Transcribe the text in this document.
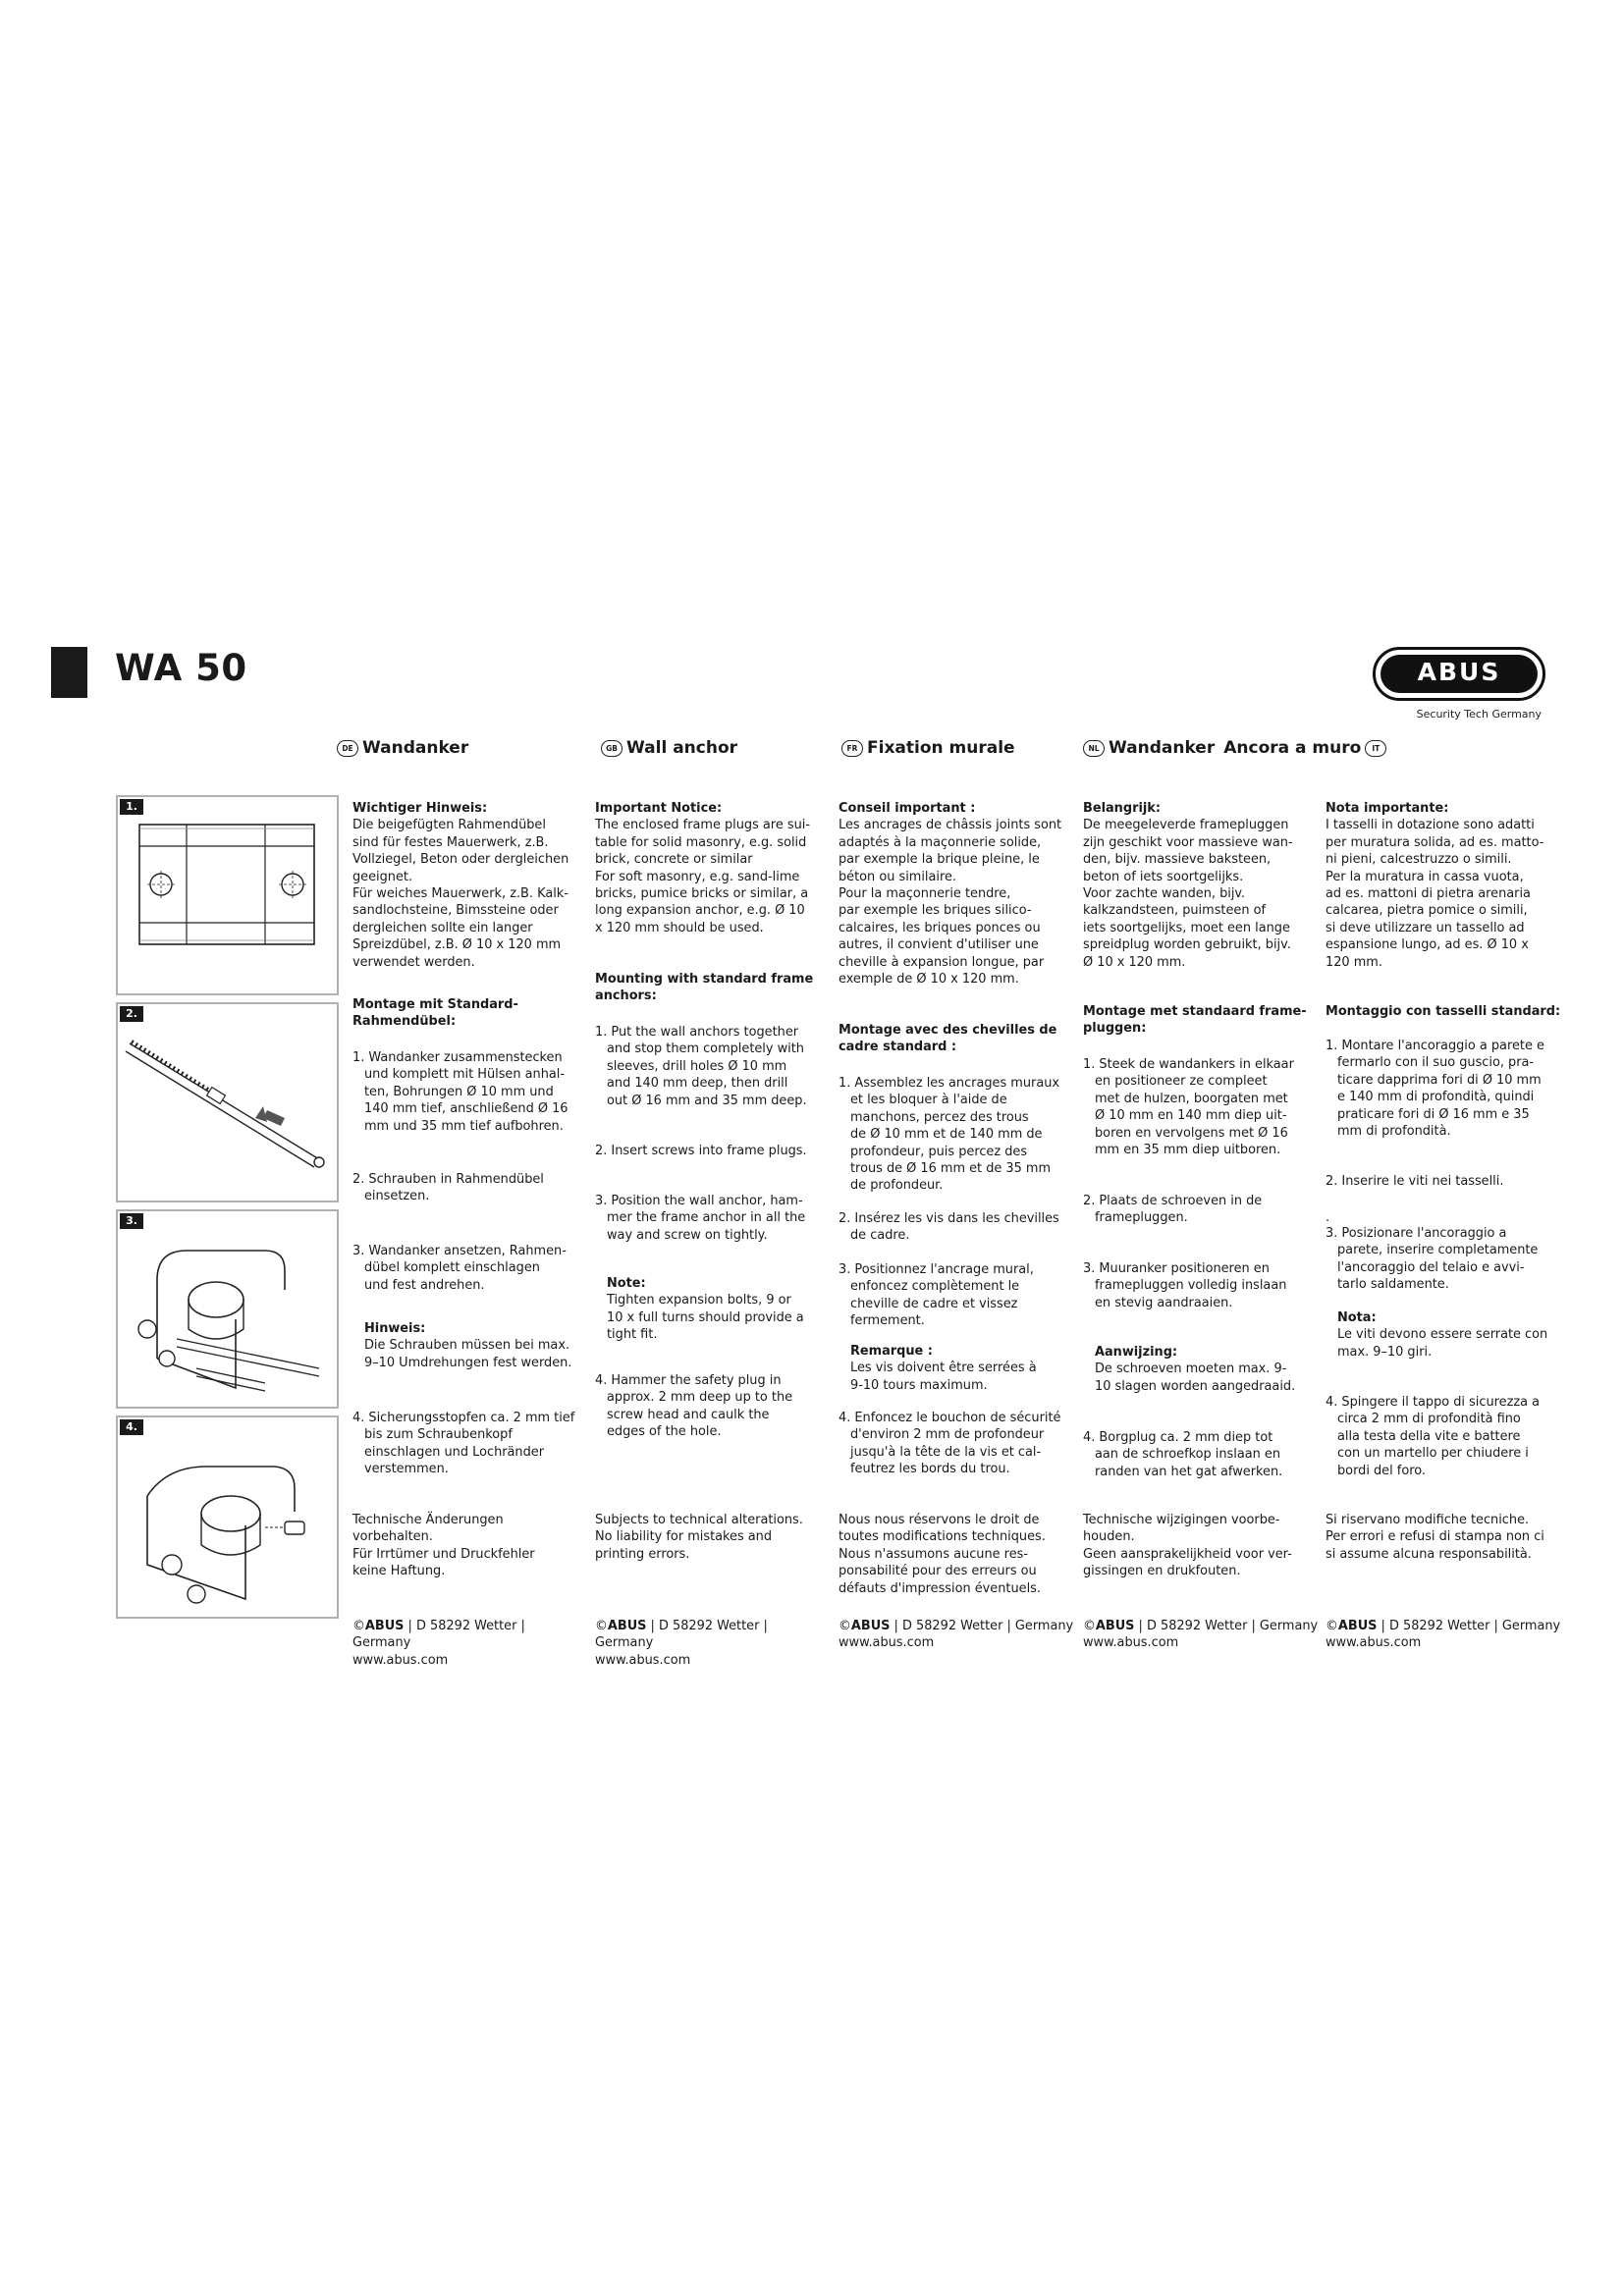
WA 50	ABUS
Security Tech Germany
DE Wandanker	GB Wall anchor	FR Fixation murale	NL Wandanker Ancora a muro	IT
1.
2.
3.
4.

Wichtiger Hinweis:

Die beigefügten Rahmendübel

sind für festes Mauerwerk, z.B.

Vollziegel, Beton oder dergleichen

geeignet.

Für weiches Mauerwerk, z.B. Kalk-

sandlochsteine, Bimssteine oder

dergleichen sollte ein langer

Spreizdübel, z.B. Ø 10 x 120 mm

verwendet werden.

Montage mit Standard-

Rahmendübel:

1. Wandanker zusammenstecken

und komplett mit Hülsen anhal-

ten, Bohrungen Ø 10 mm und

140 mm tief, anschließend Ø 16

mm und 35 mm tief aufbohren.

2. Schrauben in Rahmendübel

einsetzen.

3. Wandanker ansetzen, Rahmen-

dübel komplett einschlagen

und fest andrehen.

Hinweis:

Die Schrauben müssen bei max.

9–10 Umdrehungen fest werden.

4. Sicherungsstopfen ca. 2 mm tief

bis zum Schraubenkopf

einschlagen und Lochränder

verstemmen.

Technische Änderungen

vorbehalten.

Für Irrtümer und Druckfehler

keine Haftung.

©ABUS | D 58292 Wetter | Germany

www.abus.com

Important Notice:

The enclosed frame plugs are sui-

table for solid masonry, e.g. solid

brick, concrete or similar

For soft masonry, e.g. sand-lime

bricks, pumice bricks or similar, a

long expansion anchor, e.g. Ø 10

x 120 mm should be used.

Mounting with standard frame

anchors:

1. Put the wall anchors together

and stop them completely with

sleeves, drill holes Ø 10 mm

and 140 mm deep, then drill

out Ø 16 mm and 35 mm deep.

2. Insert screws into frame plugs.

3. Position the wall anchor, ham-

mer the frame anchor in all the

way and screw on tightly.

Note:

Tighten expansion bolts, 9 or

10 x full turns should provide a

tight fit.

4. Hammer the safety plug in

approx. 2 mm deep up to the

screw head and caulk the

edges of the hole.

Subjects to technical alterations.

No liability for mistakes and

printing errors.

©ABUS | D 58292 Wetter | Germany

www.abus.com

Conseil important :

Les ancrages de châssis joints sont

adaptés à la maçonnerie solide,

par exemple la brique pleine, le

béton ou similaire.

Pour la maçonnerie tendre,

par exemple les briques silico-

calcaires, les briques ponces ou

autres, il convient d'utiliser une

cheville à expansion longue, par

exemple de Ø 10 x 120 mm.

Montage avec des chevilles de

cadre standard :

1. Assemblez les ancrages muraux

et les bloquer à l'aide de

manchons, percez des trous

de Ø 10 mm et de 140 mm de

profondeur, puis percez des

trous de Ø 16 mm et de 35 mm

de profondeur.

2. Insérez les vis dans les chevilles

de cadre.

3. Positionnez l'ancrage mural,

enfoncez complètement le

cheville de cadre et vissez

fermement.

Remarque :

Les vis doivent être serrées à

9-10 tours maximum.

4. Enfoncez le bouchon de sécurité

d'environ 2 mm de profondeur

jusqu'à la tête de la vis et cal-

feutrez les bords du trou.

Nous nous réservons le droit de

toutes modifications techniques.

Nous n'assumons aucune res-

ponsabilité pour des erreurs ou

défauts d'impression éventuels.

©ABUS | D 58292 Wetter | Germany

www.abus.com

Belangrijk:

De meegeleverde framepluggen

zijn geschikt voor massieve wan-

den, bijv. massieve baksteen,

beton of iets soortgelijks.

Voor zachte wanden, bijv.

kalkzandsteen, puimsteen of

iets soortgelijks, moet een lange

spreidplug worden gebruikt, bijv.

Ø 10 x 120 mm.

Montage met standaard frame-

pluggen:

1. Steek de wandankers in elkaar

en positioneer ze compleet

met de hulzen, boorgaten met

Ø 10 mm en 140 mm diep uit-

boren en vervolgens met Ø 16

mm en 35 mm diep uitboren.

2. Plaats de schroeven in de

framepluggen.

3. Muuranker positioneren en

framepluggen volledig inslaan

en stevig aandraaien.

Aanwijzing:

De schroeven moeten max. 9-

10 slagen worden aangedraaid.

4. Borgplug ca. 2 mm diep tot

aan de schroefkop inslaan en

randen van het gat afwerken.

Technische wijzigingen voorbe-

houden.

Geen aansprakelijkheid voor ver-

gissingen en drukfouten.

©ABUS | D 58292 Wetter | Germany

www.abus.com

Nota importante:

I tasselli in dotazione sono adatti

per muratura solida, ad es. matto-

ni pieni, calcestruzzo o simili.

Per la muratura in cassa vuota,

ad es. mattoni di pietra arenaria

calcarea, pietra pomice o simili,

si deve utilizzare un tassello ad

espansione lungo, ad es. Ø 10 x

120 mm.

Montaggio con tasselli standard:

1. Montare l'ancoraggio a parete e

fermarlo con il suo guscio, pra-

ticare dapprima fori di Ø 10 mm

e 140 mm di profondità, quindi

praticare fori di Ø 16 mm e 35

mm di profondità.

2. Inserire le viti nei tasselli.

.

3. Posizionare l'ancoraggio a

parete, inserire completamente

l'ancoraggio del telaio e avvi-

tarlo saldamente.

Nota:

Le viti devono essere serrate con

max. 9–10 giri.

4. Spingere il tappo di sicurezza a

circa 2 mm di profondità fino

alla testa della vite e battere

con un martello per chiudere i

bordi del foro.

Si riservano modifiche tecniche.

Per errori e refusi di stampa non ci

si assume alcuna responsabilità.

©ABUS | D 58292 Wetter | Germany

www.abus.com
